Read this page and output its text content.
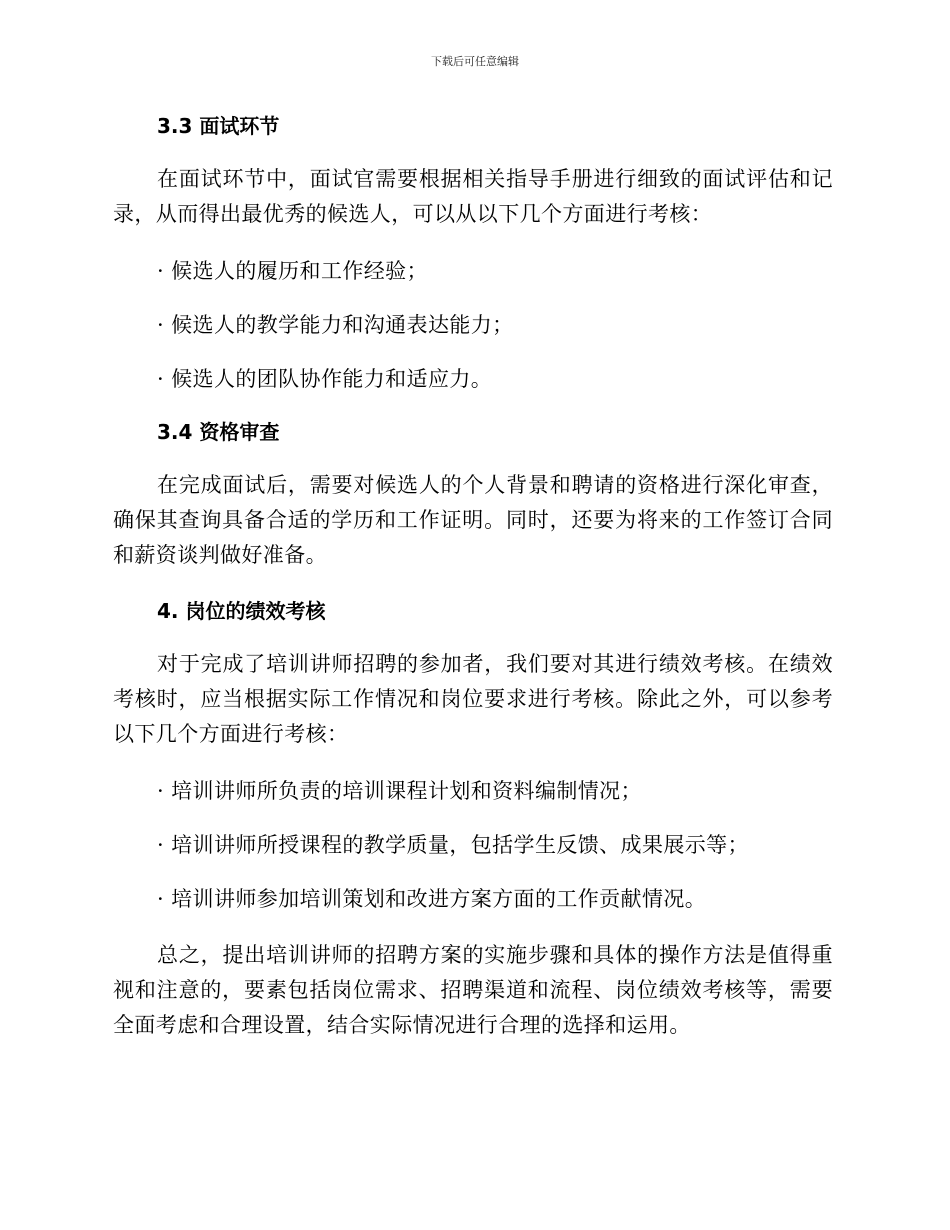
下载后可任意编辑
3.3 面试环节

在面试环节中，面试官需要根据相关指导手册进行细致的面试评估和记录，从而得出最优秀的候选人，可以从以下几个方面进行考核：

· 候选人的履历和工作经验；

· 候选人的教学能力和沟通表达能力；

· 候选人的团队协作能力和适应力。

3.4 资格审查

在完成面试后，需要对候选人的个人背景和聘请的资格进行深化审查，确保其查询具备合适的学历和工作证明。同时，还要为将来的工作签订合同和薪资谈判做好准备。

4. 岗位的绩效考核

对于完成了培训讲师招聘的参加者，我们要对其进行绩效考核。在绩效考核时，应当根据实际工作情况和岗位要求进行考核。除此之外，可以参考以下几个方面进行考核：

· 培训讲师所负责的培训课程计划和资料编制情况；

· 培训讲师所授课程的教学质量，包括学生反馈、成果展示等；

· 培训讲师参加培训策划和改进方案方面的工作贡献情况。

总之，提出培训讲师的招聘方案的实施步骤和具体的操作方法是值得重视和注意的，要素包括岗位需求、招聘渠道和流程、岗位绩效考核等，需要全面考虑和合理设置，结合实际情况进行合理的选择和运用。
